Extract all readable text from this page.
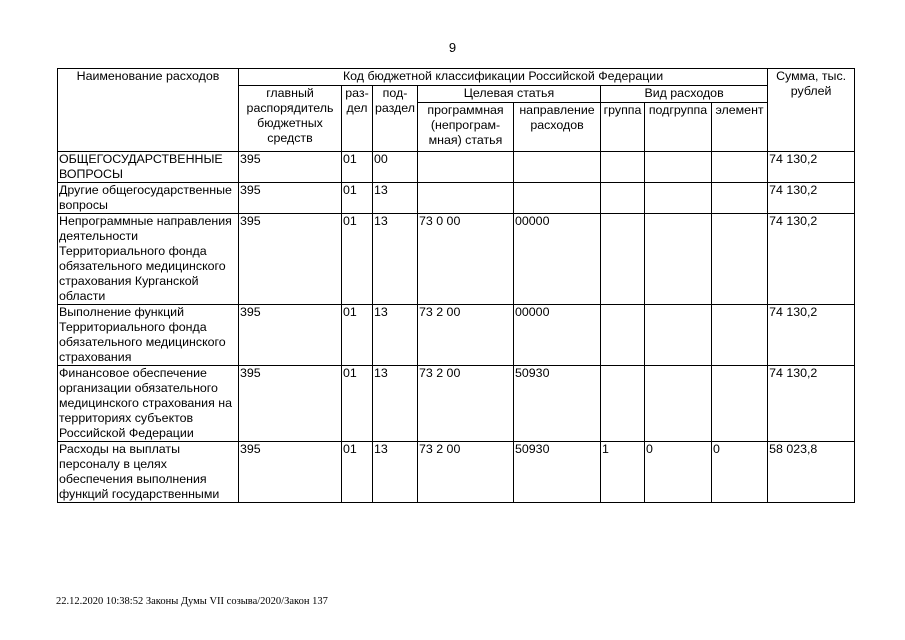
9
Наименование расходов	Код бюджетной классификации Российской Федерации								Сумма, тыс. рублей
	главный распорядитель бюджетных средств	раз-дел	под-раздел	Целевая статья		Вид расходов			
				программная (непрограм-мная) статья	направление расходов	группа	подгруппа	элемент	
ОБЩЕГОСУДАРСТВЕННЫЕ ВОПРОСЫ	395	01	00						74 130,2
Другие общегосударственные вопросы	395	01	13						74 130,2
Непрограммные направления деятельности Территориального фонда обязательного медицинского страхования Курганской области	395	01	13	73 0 00	00000				74 130,2
Выполнение функций Территориального фонда обязательного медицинского страхования	395	01	13	73 2 00	00000				74 130,2
Финансовое обеспечение организации обязательного медицинского страхования на территориях субъектов Российской Федерации	395	01	13	73 2 00	50930				74 130,2
Расходы на выплаты персоналу в целях обеспечения выполнения функций государственными	395	01	13	73 2 00	50930	1	0	0	58 023,8
22.12.2020 10:38:52 Законы Думы VII созыва/2020/Закон 137
